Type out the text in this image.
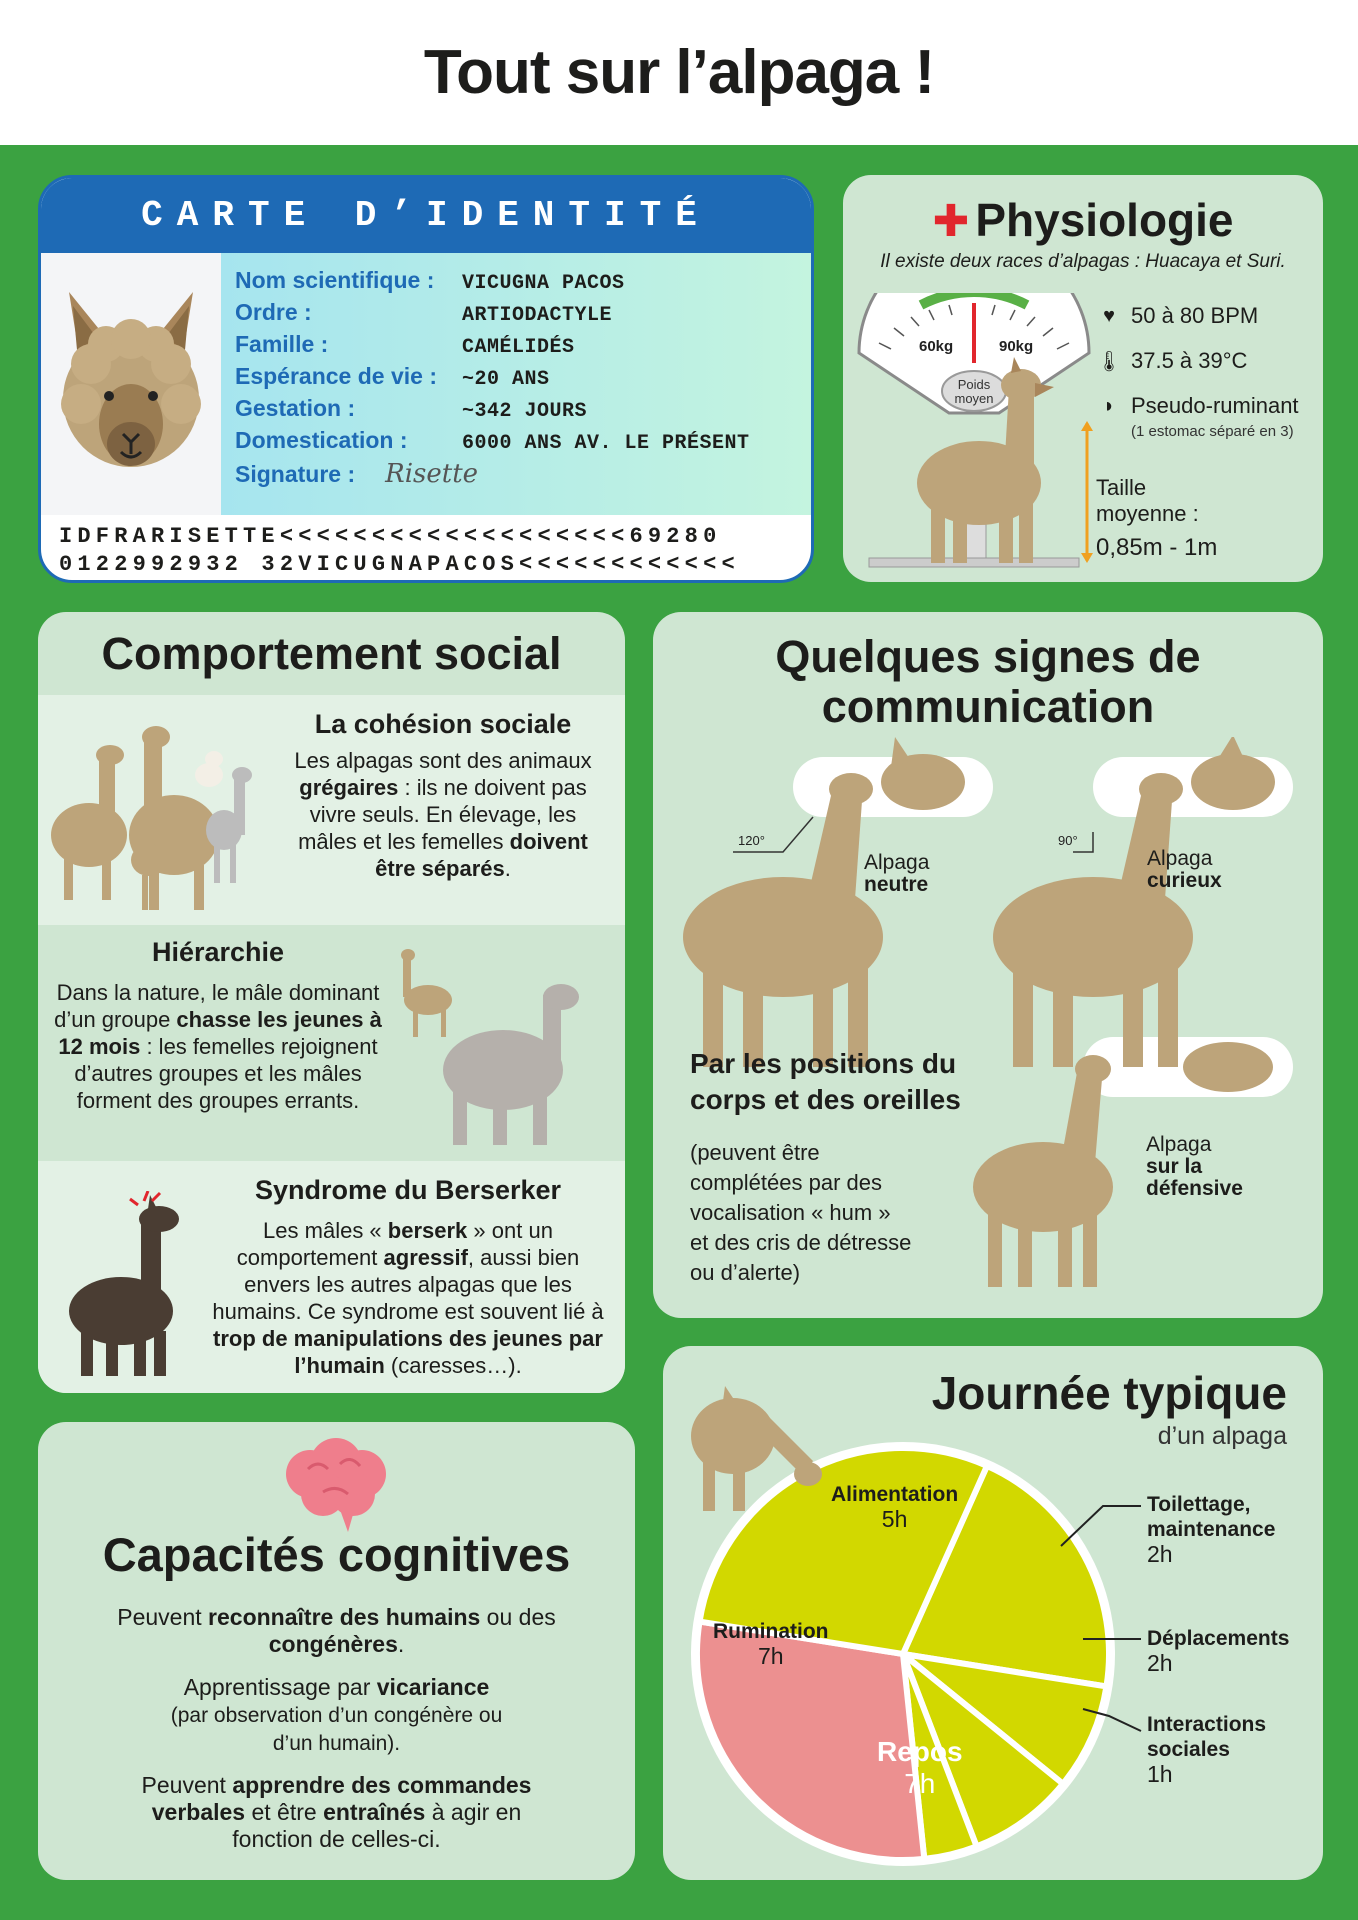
Tout sur l’alpaga !
CARTE D’IDENTITÉ
Nom scientifique :	VICUGNA PACOS
Ordre :	ARTIODACTYLE
Famille :	CAMÉLIDÉS
Espérance de vie :	~20 ANS
Gestation :	~342 JOURS
Domestication :	6000 ANS AV. LE PRÉSENT
Signature : Risette
IDFRARISETTE<<<<<<<<<<<<<<<<<<<69280
0122992932 32VICUGNAPACOS<<<<<<<<<<<<
✚ Physiologie
Il existe deux races d’alpagas : Huacaya et Suri.
60kg	90kg
Poids
moyen
♥ 50 à 80 BPM
🌡 37.5 à 39°C
◗ Pseudo-ruminant
(1 estomac séparé en 3)
Taille moyenne :
0,85m - 1m
Comportement social
La cohésion sociale

Les alpagas sont des animaux grégaires : ils ne doivent pas vivre seuls. En élevage, les mâles et les femelles doivent être séparés.

Hiérarchie

Dans la nature, le mâle dominant d’un groupe chasse les jeunes à 12 mois : les femelles rejoignent d’autres groupes et les mâles forment des groupes errants.

Syndrome du Berserker

Les mâles « berserk » ont un comportement agressif, aussi bien envers les autres alpagas que les humains. Ce syndrome est souvent lié à trop de manipulations des jeunes par l’humain (caresses…).

Quelques signes de
communication
120°	90°
Alpaga
neutre
Alpaga
curieux
Alpaga
sur la
défensive
Par les positions du
corps et des oreilles
(peuvent être
complétées par des
vocalisation « hum »
et des cris de détresse
ou d’alerte)
Capacités cognitives

Peuvent reconnaître des humains ou des
congénères.

Apprentissage par vicariance
(par observation d’un congénère ou
d’un humain).

Peuvent apprendre des commandes
verbales et être entraînés à agir en
fonction de celles-ci.

Journée typique
d’un alpaga
Alimentation
5h
Rumination
7h
Repos
7h
Toilettage, maintenance
2h
Déplacements
2h
Interactions sociales
1h
